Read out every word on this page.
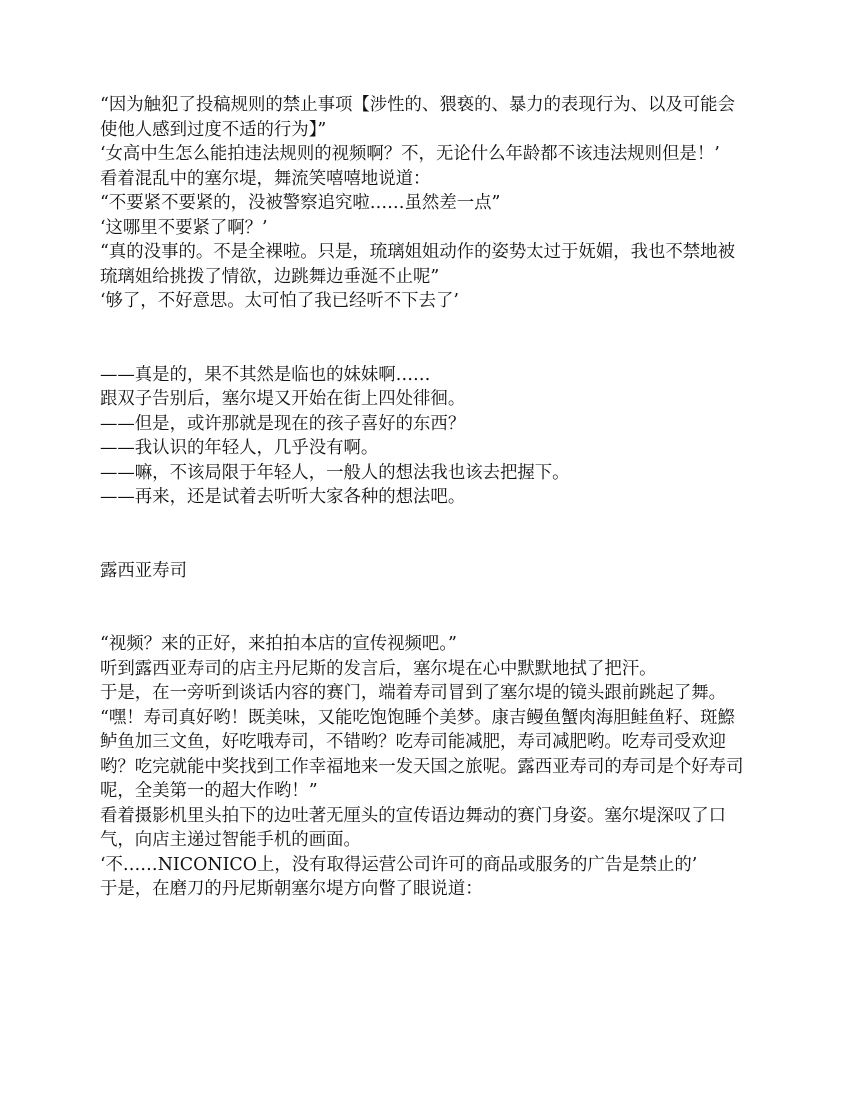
“因为触犯了投稿规则的禁止事项【涉性的、猥亵的、暴力的表现行为、以及可能会使他人感到过度不适的行为】”

‘女高中生怎么能拍违法规则的视频啊？不，无论什么年龄都不该违法规则但是！’

看着混乱中的塞尔堤，舞流笑嘻嘻地说道：

“不要紧不要紧的，没被警察追究啦……虽然差一点”

‘这哪里不要紧了啊？’

“真的没事的。不是全裸啦。只是，琉璃姐姐动作的姿势太过于妩媚，我也不禁地被琉璃姐给挑拨了情欲，边跳舞边垂涎不止呢”

‘够了，不好意思。太可怕了我已经听不下去了’

——真是的，果不其然是临也的妹妹啊……

跟双子告别后，塞尔堤又开始在街上四处徘徊。

——但是，或许那就是现在的孩子喜好的东西？

——我认识的年轻人，几乎没有啊。

——嘛，不该局限于年轻人，一般人的想法我也该去把握下。

——再来，还是试着去听听大家各种的想法吧。

露西亚寿司

“视频？来的正好，来拍拍本店的宣传视频吧。”

听到露西亚寿司的店主丹尼斯的发言后，塞尔堤在心中默默地拭了把汗。

于是，在一旁听到谈话内容的赛门，端着寿司冒到了塞尔堤的镜头跟前跳起了舞。

“嘿！寿司真好哟！既美味，又能吃饱饱睡个美梦。康吉鳗鱼蟹肉海胆鲑鱼籽、斑鰶鲈鱼加三文鱼，好吃哦寿司，不错哟？吃寿司能减肥，寿司减肥哟。吃寿司受欢迎哟？吃完就能中奖找到工作幸福地来一发天国之旅呢。露西亚寿司的寿司是个好寿司呢，全美第一的超大作哟！”

看着摄影机里头拍下的边吐著无厘头的宣传语边舞动的赛门身姿。塞尔堤深叹了口气，向店主递过智能手机的画面。

‘不……NICONICO上，没有取得运营公司许可的商品或服务的广告是禁止的’

于是，在磨刀的丹尼斯朝塞尔堤方向瞥了眼说道：
